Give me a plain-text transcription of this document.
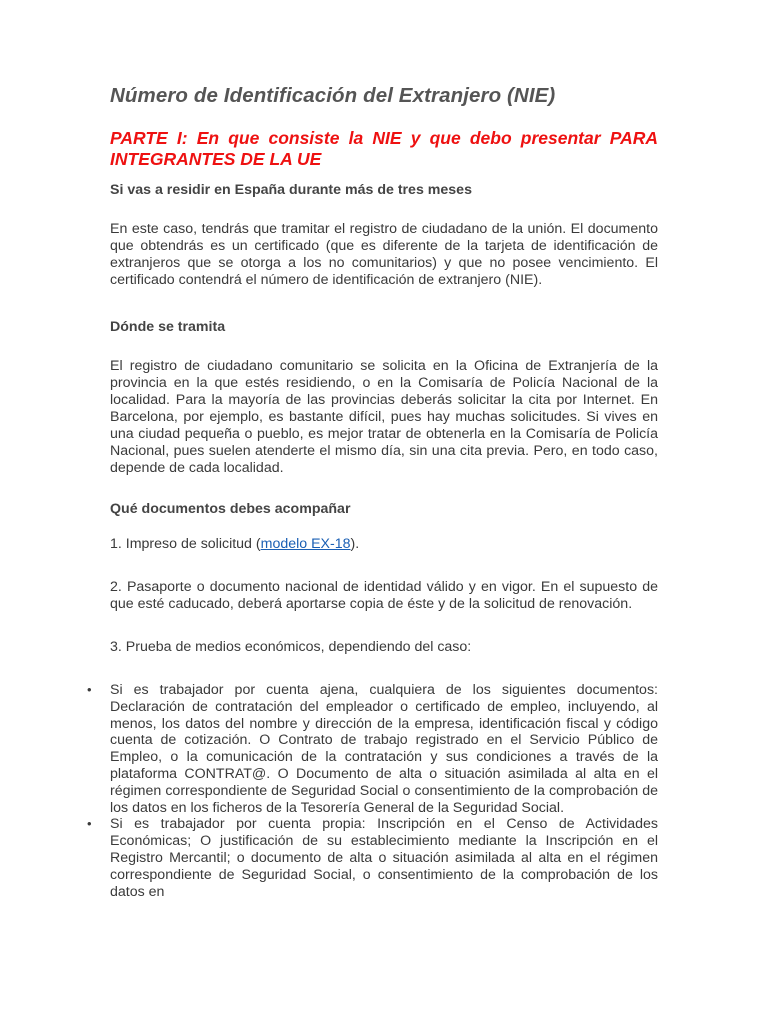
Número de Identificación del Extranjero (NIE)
PARTE I: En que consiste la NIE y que debo presentar PARA INTEGRANTES DE LA UE

Si vas a residir en España durante más de tres meses

En este caso, tendrás que tramitar el registro de ciudadano de la unión. El documento que obtendrás es un certificado (que es diferente de la tarjeta de identificación de extranjeros que se otorga a los no comunitarios) y que no posee vencimiento. El certificado contendrá el número de identificación de extranjero (NIE).

Dónde se tramita

El registro de ciudadano comunitario se solicita en la Oficina de Extranjería de la provincia en la que estés residiendo, o en la Comisaría de Policía Nacional de la localidad. Para la mayoría de las provincias deberás solicitar la cita por Internet. En Barcelona, por ejemplo, es bastante difícil, pues hay muchas solicitudes. Si vives en una ciudad pequeña o pueblo, es mejor tratar de obtenerla en la Comisaría de Policía Nacional, pues suelen atenderte el mismo día, sin una cita previa. Pero, en todo caso, depende de cada localidad.

Qué documentos debes acompañar

1. Impreso de solicitud (modelo EX-18).

2. Pasaporte o documento nacional de identidad válido y en vigor. En el supuesto de que esté caducado, deberá aportarse copia de éste y de la solicitud de renovación.

3. Prueba de medios económicos, dependiendo del caso:

• Si es trabajador por cuenta ajena, cualquiera de los siguientes documentos: Declaración de contratación del empleador o certificado de empleo, incluyendo, al menos, los datos del nombre y dirección de la empresa, identificación fiscal y código cuenta de cotización. O Contrato de trabajo registrado en el Servicio Público de Empleo, o la comunicación de la contratación y sus condiciones a través de la plataforma CONTRAT@. O Documento de alta o situación asimilada al alta en el régimen correspondiente de Seguridad Social o consentimiento de la comprobación de los datos en los ficheros de la Tesorería General de la Seguridad Social.
• Si es trabajador por cuenta propia: Inscripción en el Censo de Actividades Económicas; O justificación de su establecimiento mediante la Inscripción en el Registro Mercantil; o documento de alta o situación asimilada al alta en el régimen correspondiente de Seguridad Social, o consentimiento de la comprobación de los datos en
